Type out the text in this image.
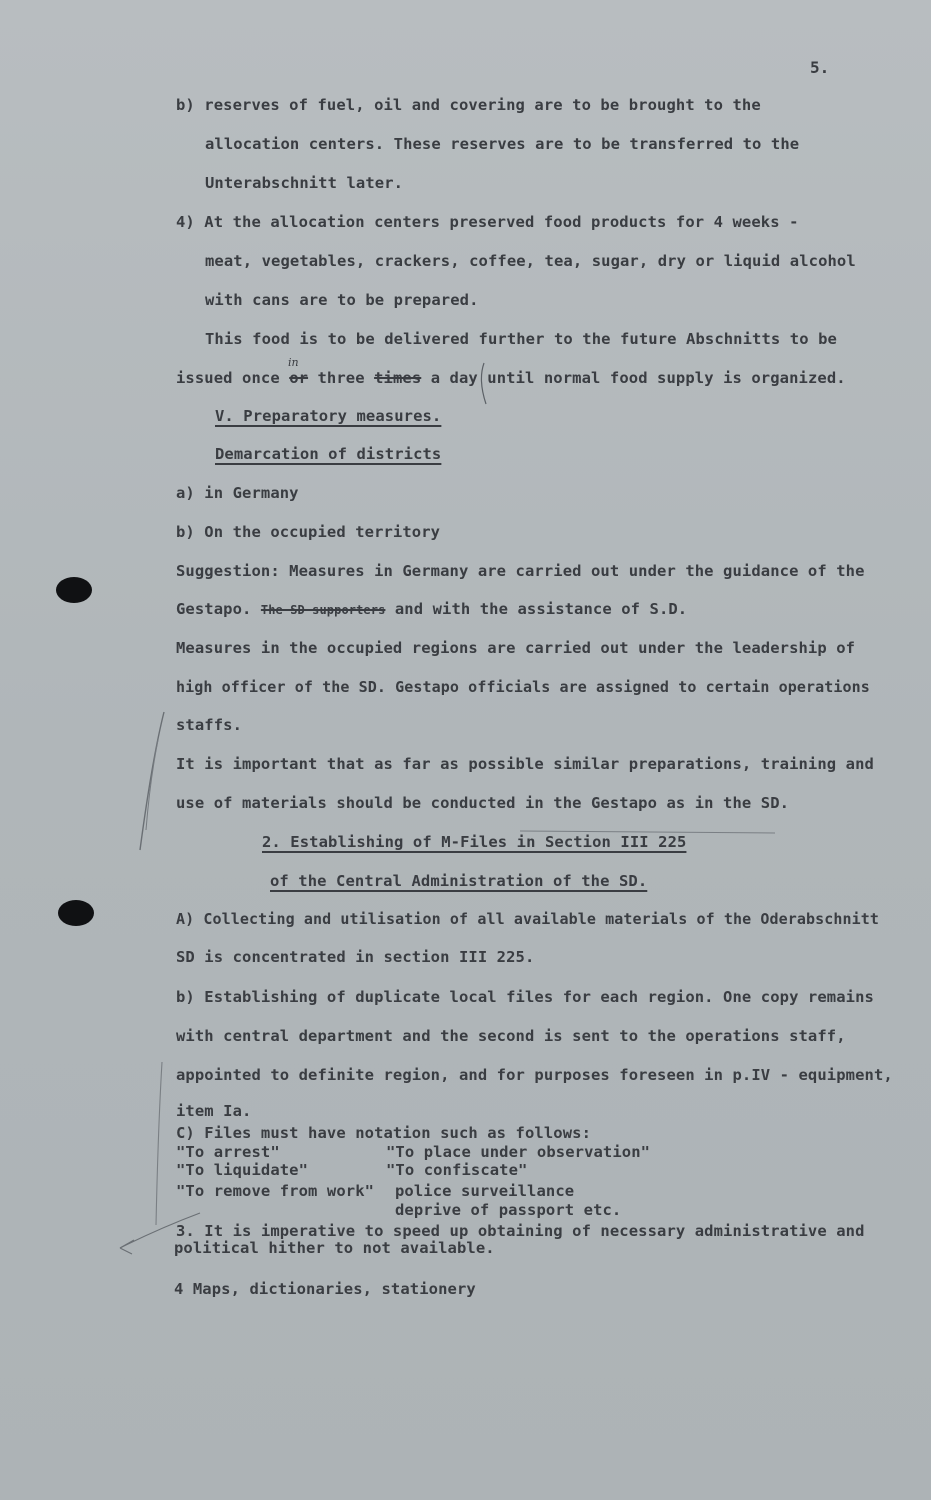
5.
b) reserves of fuel, oil and covering are to be brought to the
allocation centers. These reserves are to be transferred to the
Unterabschnitt later.
4) At the allocation centers preserved food products for 4 weeks -
meat, vegetables, crackers, coffee, tea, sugar, dry or liquid alcohol
with cans are to be prepared.
This food is to be delivered further to the future Abschnitts to be
issued once or three times a day until normal food supply is organized.
in
V. Preparatory measures.
Demarcation of districts
a) in Germany
b) On the occupied territory
Suggestion: Measures in Germany are carried out under the guidance of the
Gestapo. The SD supporters and with the assistance of S.D.
Measures in the occupied regions are carried out under the leadership of
high officer of the SD. Gestapo officials are assigned to certain operations
staffs.
It is important that as far as possible similar preparations, training and
use of materials should be conducted in the Gestapo as in the SD.
2. Establishing of M-Files in Section III 225
of the Central Administration of the SD.
A) Collecting and utilisation of all available materials of the Oderabschnitt
SD is concentrated in section III 225.
b) Establishing of duplicate local files for each region. One copy remains
with central department and the second is sent to the operations staff,
appointed to definite region, and for purposes foreseen in p.IV - equipment,
item Ia.
C) Files must have notation such as follows:
"To arrest"	"To place under observation"
"To liquidate"	"To confiscate"
"To remove from work" police surveillance
deprive of passport etc.
3. It is imperative to speed up obtaining of necessary administrative and
political hither to not available.
4 Maps, dictionaries, stationery
